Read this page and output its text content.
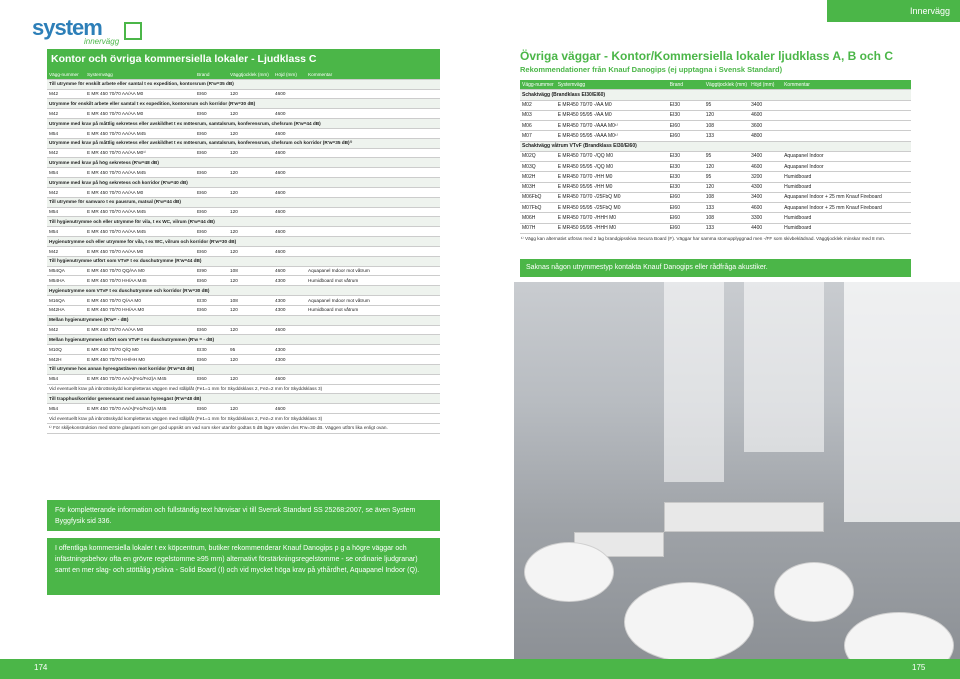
system
innervägg
Innervägg
Kontor och övriga kommersiella lokaler - Ljudklass C
Vägg-nummer	Systemvägg	Brand	Väggtjocklek (mm)	Höjd (mm)	Kommentar
Till utrymme för enskilt arbete eller samtal t ex expedition, kontorsrum (R'w=35 dB)					
M42	E MR 450 70/70 AA/AA M0	EI60	120	4600	
Utrymme för enskilt arbete eller samtal t ex expedition, kontorsrum och korridor (R'w=30 dB)					
M42	E MR 450 70/70 AA/AA M0	EI60	120	4600	
Utrymme med krav på måttlig sekretess eller avskildhet t ex mötesrum, samtalsrum, konferensrum, chefsrum (R'w=44 dB)					
M54	E MR 450 70/70 AA/AA M45	EI60	120	4600	
Utrymme med krav på måttlig sekretess eller avskildhet t ex mötesrum, samtalsrum, konferensrum, chefsrum och korridor (R'w=35 dB)¹⁾					
M42	E MR 450 70/70 AA/AA M0¹⁾	EI60	120	4600	
Utrymme med krav på hög sekretess (R'w=48 dB)					
M54	E MR 450 70/70 AA/AA M45	EI60	120	4600	
Utrymme med krav på hög sekretess och korridor (R'w=40 dB)					
M42	E MR 450 70/70 AA/AA M0	EI60	120	4600	
Till utrymme för samvaro t ex pausrum, matsal (R'w=44 dB)					
M54	E MR 450 70/70 AA/AA M45	EI60	120	4600	
Till hygienutrymme och eller utrymme för vila, t ex WC, vilrum (R'w=44 dB)					
M54	E MR 450 70/70 AA/AA M45	EI60	120	4600	
Hygienutrymme och eller utrymme för vila, t ex WC, vilrum och korridor (R'w=30 dB)					
M42	E MR 450 70/70 AA/AA M0	EI60	120	4600	
Till hygienutrymme utfört som VTvF t ex duschutrymme (R'w=44 dB)					
M54QA	E MR 450 70/70 QQ/AA M0	EI90	108	4600	Aquapanel Indoor mot våtrum
M54HA	E MR 450 70/70 HH/AA M45	EI60	120	4300	Humidboard mot våtrum
Hygienutrymme som VTvF t ex duschutrymme och korridor (R'w=30 dB)					
M16QA	E MR 450 70/70 Q/AA M0	EI30	108	4300	Aquapanel Indoor mot våtrum
M42HA	E MR 450 70/70 HH/AA M0	EI60	120	4300	Humidboard mot våtrum
Mellan hygienutrymmen (R'w= - dB)					
M42	E MR 450 70/70 AA/AA M0	EI60	120	4600	
Mellan hygienutrymmen utfört som VTvF t ex duschutrymmen (R'w = - dB)					
M10Q	E MR 450 70/70 Q/Q M0	EI30	95	4300	
M42H	E MR 450 70/70 HH/HH M0	EI60	120	4300	
Till utrymme hos annan hyresgäst/även mot korridor (R'w=48 dB)					
M54	E MR 450 70/70 AA/A(Fe1/Fe2)A M45	EI60	120	4600	
Vid eventuellt krav på inbrottsskydd kompletteras väggen med stålplåt (Fe1=1 mm för Skyddsklass 2, Fe2=2 mm för Skyddsklass 3)					
Till trapphus/korridor gemensamt med annan hyresgäst (R'w=48 dB)					
M54	E MR 450 70/70 AA/A(Fe1/Fe2)A M45	EI60	120	4600	
Vid eventuellt krav på inbrottsskydd kompletteras väggen med stålplåt (Fe1=1 mm för Skyddsklass 2, Fe2=2 mm för Skyddsklass 3)					
¹⁾ För skiljekonstruktion med större glasparti som ger god uppsikt om vad som sker utanför godtas 5 dB lägre värden dvs R'w=30 dB. Väggen utförs lika enligt ovan.					
Övriga väggar - Kontor/Kommersiella lokaler ljudklass A, B och C
Rekommendationer från Knauf Danogips (ej upptagna i Svensk Standard)
Vägg-nummer	Systemvägg	Brand	Väggtjocklek (mm)	Höjd (mm)	Kommentar
Schaktvägg (Brandklass EI30/EI60)					
M02	E MR450 70/70 -/AA M0	EI30	95	3400	
M03	E MR450 95/95 -/AA M0	EI30	120	4600	
M06	E MR450 70/70 -/AAA M0¹⁾	EI60	108	3600	
M07	E MR450 95/95 -/AAA M0¹⁾	EI60	133	4800	
Schaktvägg våtrum VTvF (Brandklass EI30/EI60)					
M02Q	E MR450 70/70 -/QQ M0	EI30	95	3400	Aquapanel Indoor
M03Q	E MR450 95/95 -/QQ M0	EI30	120	4600	Aquapanel Indoor
M02H	E MR450 70/70 -/HH M0	EI30	95	3200	Humidboard
M03H	E MR450 95/95 -/HH M0	EI30	120	4300	Humidboard
M06FbQ	E MR450 70/70 -/25FbQ M0	EI60	108	3400	Aquapanel Indoor + 25 mm Knauf Fireboard
M07FbQ	E MR450 95/95 -/25FbQ M0	EI60	133	4600	Aquapanel Indoor + 25 mm Knauf Fireboard
M06H	E MR450 70/70 -/HHH M0	EI60	108	3300	Humidboard
M07H	E MR450 95/95 -/HHH M0	EI60	133	4400	Humidboard
¹⁾ Vägg kan alternativt utföras med 2 lag brandgipsskiva Secura Board (F). Väggar har samma stomupplyggnad men -/FF som skivbeklädnad. Väggtjocklek minskar med 8 mm.
Saknas någon utrymmestyp kontakta Knauf Danogips eller rådfråga akustiker.

För kompletterande information och fullständig text hänvisar vi till Svensk Standard SS 25268:2007, se även System Byggfysik sid 336.

I offentliga kommersiella lokaler t ex köpcentrum, butiker rekommenderar Knauf Danogips p g a högre väggar och infästningsbehov ofta en grövre regelstomme ≥95 mm) alternativt förstärkningsregelstomme - se ordinarie ljudgranar) samt en mer slag- och stöttålig ytskiva - Solid Board (I) och vid mycket höga krav på ythårdhet, Aquapanel Indoor (Q).

174	175
